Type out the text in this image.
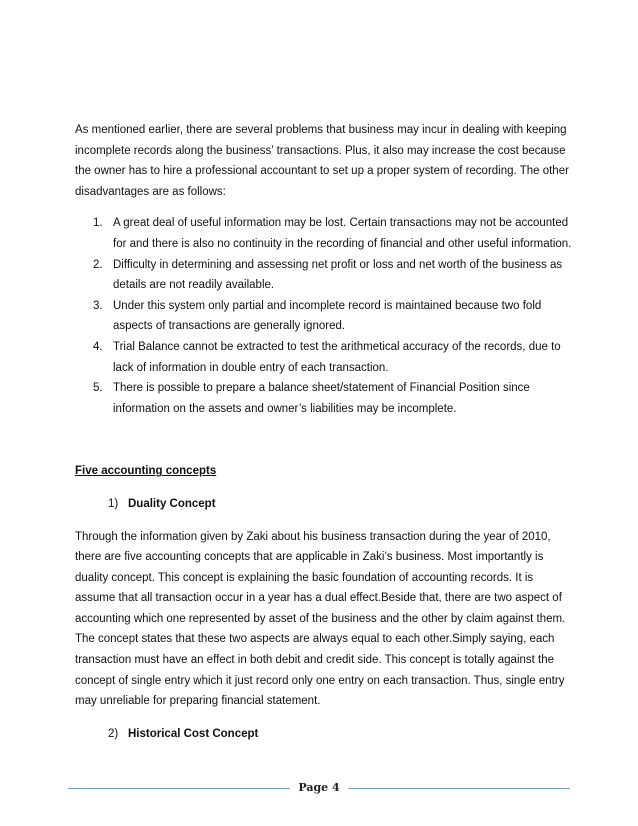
As mentioned earlier, there are several problems that business may incur in dealing with keeping incomplete records along the business’ transactions. Plus, it also may increase the cost because the owner has to hire a professional accountant to set up a proper system of recording. The other disadvantages are as follows:

1. A great deal of useful information may be lost. Certain transactions may not be accounted for and there is also no continuity in the recording of financial and other useful information.
2. Difficulty in determining and assessing net profit or loss and net worth of the business as details are not readily available.
3. Under this system only partial and incomplete record is maintained because two fold aspects of transactions are generally ignored.
4. Trial Balance cannot be extracted to test the arithmetical accuracy of the records, due to lack of information in double entry of each transaction.
5. There is possible to prepare a balance sheet/statement of Financial Position since information on the assets and owner’s liabilities may be incomplete.

Five accounting concepts

1) Duality Concept

Through the information given by Zaki about his business transaction during the year of 2010, there are five accounting concepts that are applicable in Zaki’s business. Most importantly is duality concept. This concept is explaining the basic foundation of accounting records. It is assume that all transaction occur in a year has a dual effect.Beside that, there are two aspect of accounting which one represented by asset of the business and the other by claim against them. The concept states that these two aspects are always equal to each other.Simply saying, each transaction must have an effect in both debit and credit side. This concept is totally against the concept of single entry which it just record only one entry on each transaction. Thus, single entry may unreliable for preparing financial statement.

2) Historical Cost Concept

Page 4
